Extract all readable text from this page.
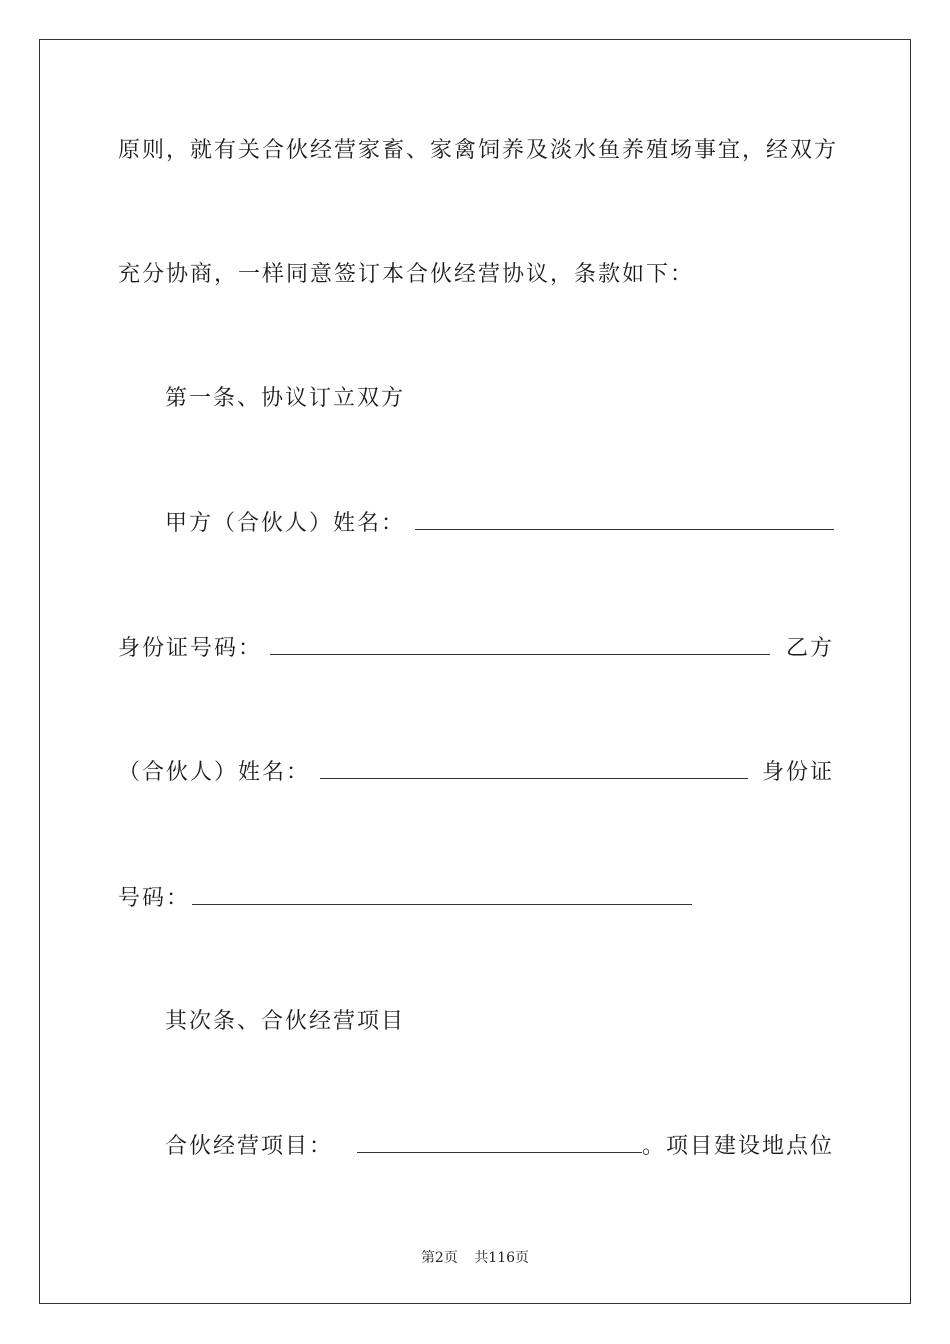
原则，就有关合伙经营家畜、家禽饲养及淡水鱼养殖场事宜，经双方
充分协商，一样同意签订本合伙经营协议，条款如下：
第一条、协议订立双方
甲方（合伙人）姓名：
身份证号码：	乙方
（合伙人）姓名：	身份证
号码：
其次条、合伙经营项目
合伙经营项目：	。项目建设地点位
第2页 共116页
